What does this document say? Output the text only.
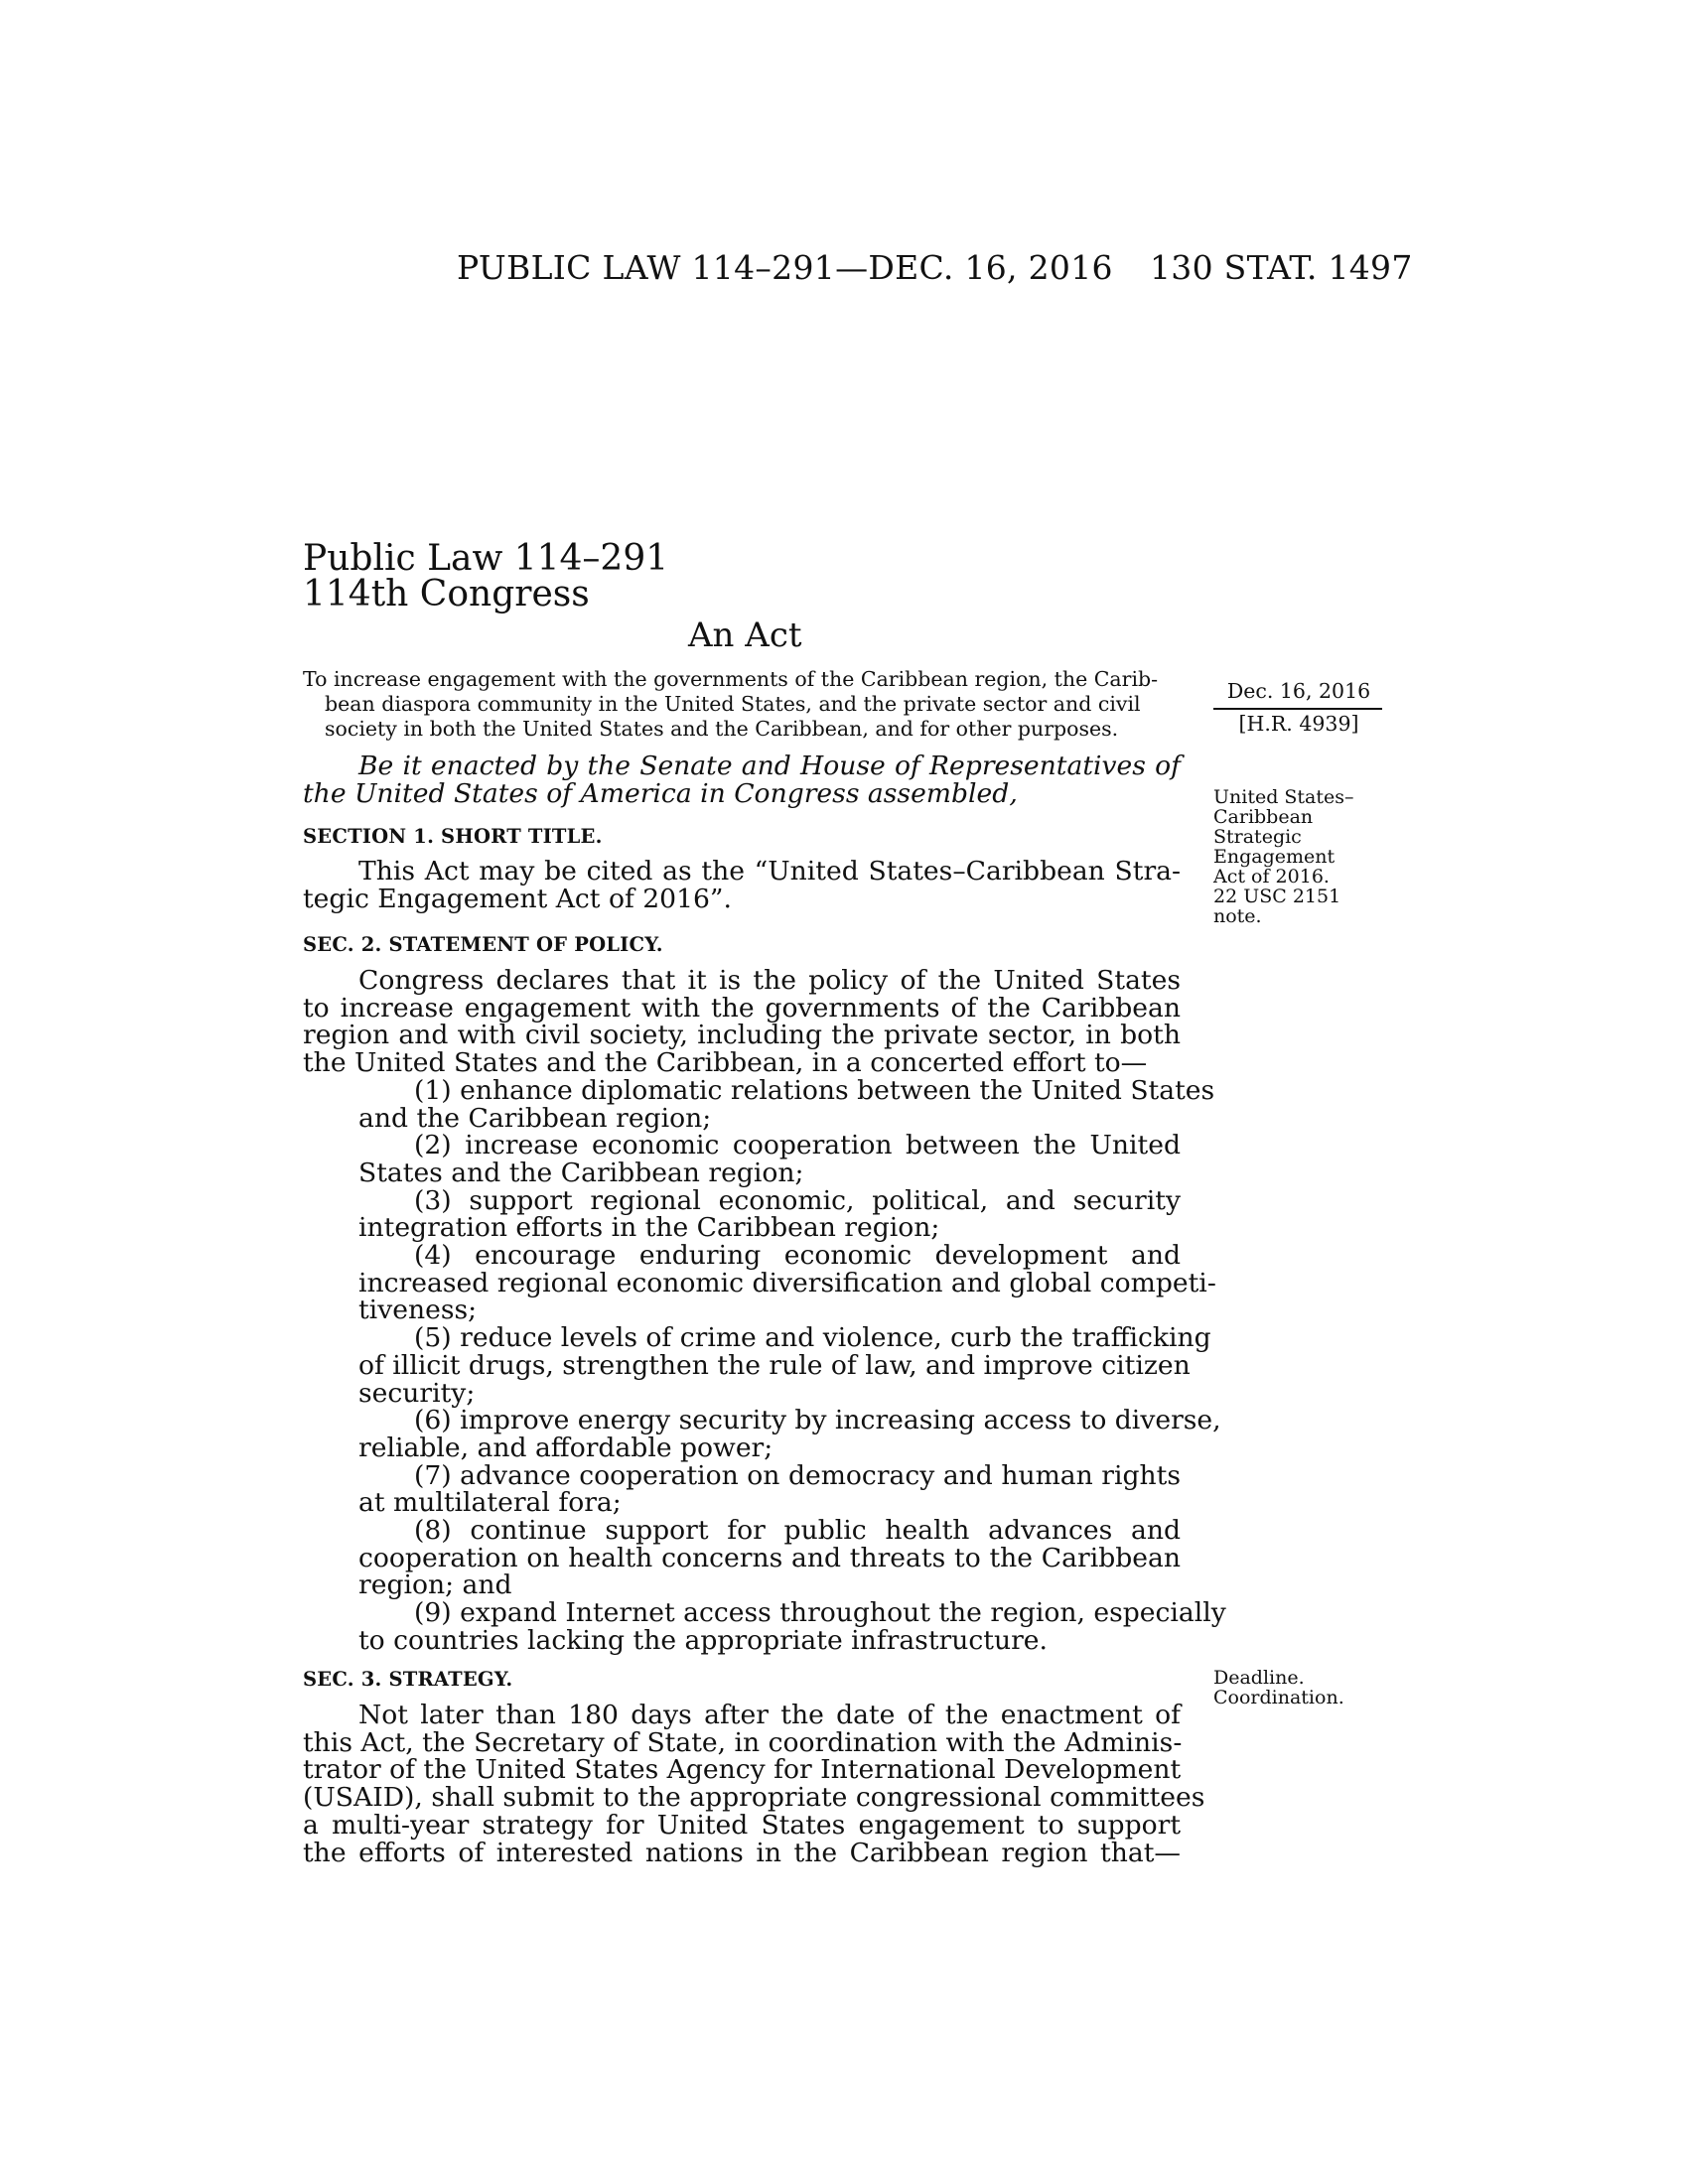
PUBLIC LAW 114–291—DEC. 16, 2016 130 STAT. 1497
Public Law 114–291
114th Congress
An Act
To increase engagement with the governments of the Caribbean region, the Carib-
bean diaspora community in the United States, and the private sector and civil
society in both the United States and the Caribbean, and for other purposes.
Dec. 16, 2016
[H.R. 4939]
Be it enacted by the Senate and House of Representatives of
the United States of America in Congress assembled,
SECTION 1. SHORT TITLE.
This Act may be cited as the “United States–Caribbean Stra-
tegic Engagement Act of 2016”.
SEC. 2. STATEMENT OF POLICY.
Congress declares that it is the policy of the United States
to increase engagement with the governments of the Caribbean
region and with civil society, including the private sector, in both
the United States and the Caribbean, in a concerted effort to—
(1) enhance diplomatic relations between the United States
and the Caribbean region;
(2) increase economic cooperation between the United
States and the Caribbean region;
(3) support regional economic, political, and security
integration efforts in the Caribbean region;
(4) encourage enduring economic development and
increased regional economic diversification and global competi-
tiveness;
(5) reduce levels of crime and violence, curb the trafficking
of illicit drugs, strengthen the rule of law, and improve citizen
security;
(6) improve energy security by increasing access to diverse,
reliable, and affordable power;
(7) advance cooperation on democracy and human rights
at multilateral fora;
(8) continue support for public health advances and
cooperation on health concerns and threats to the Caribbean
region; and
(9) expand Internet access throughout the region, especially
to countries lacking the appropriate infrastructure.
SEC. 3. STRATEGY.
Not later than 180 days after the date of the enactment of
this Act, the Secretary of State, in coordination with the Adminis-
trator of the United States Agency for International Development
(USAID), shall submit to the appropriate congressional committees
a multi-year strategy for United States engagement to support
the efforts of interested nations in the Caribbean region that—
United States–
Caribbean
Strategic
Engagement
Act of 2016.
22 USC 2151
note.
Deadline.
Coordination.
